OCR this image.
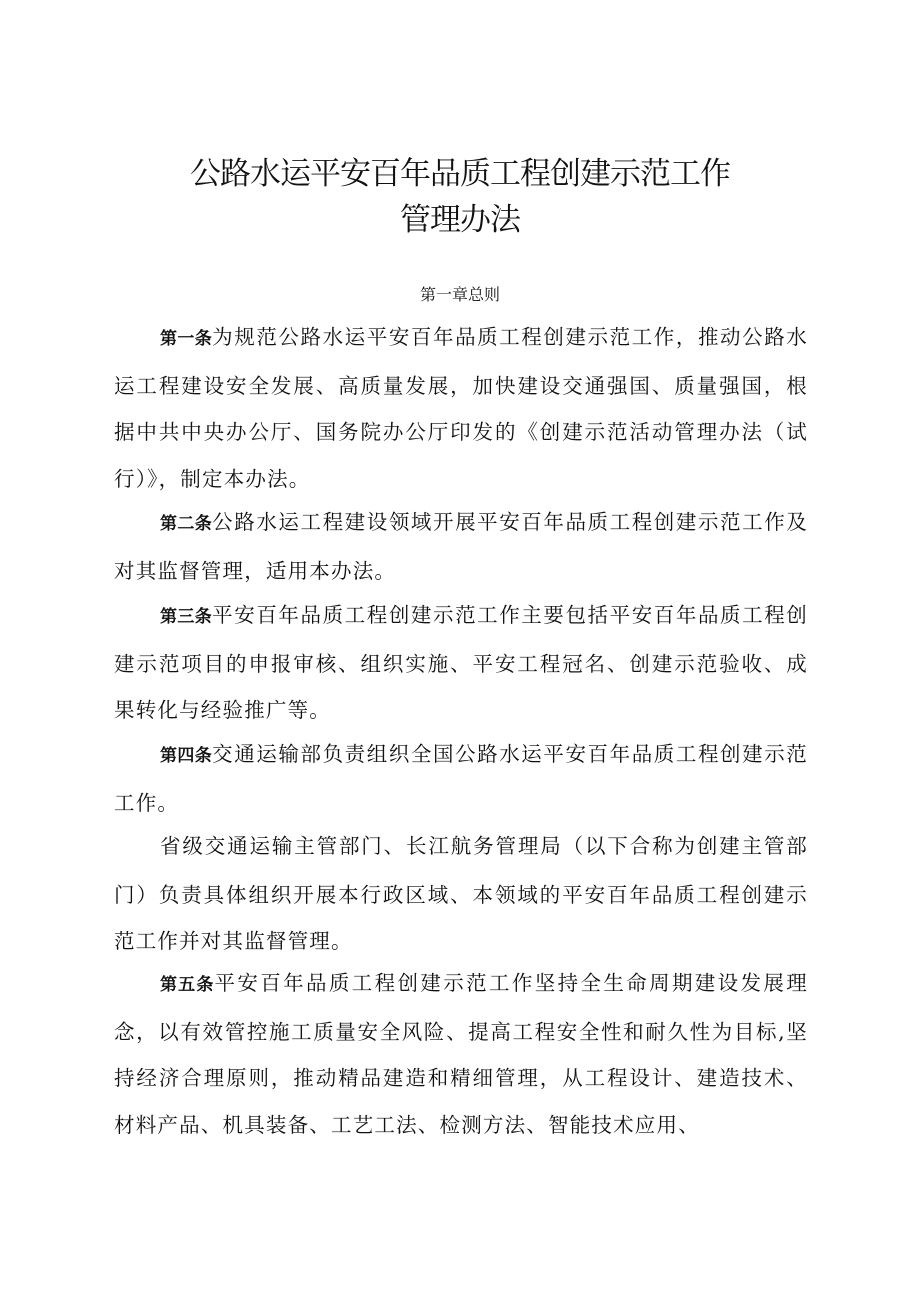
公路水运平安百年品质工程创建示范工作
管理办法
第一章总则

第一条为规范公路水运平安百年品质工程创建示范工作，推动公路水运工程建设安全发展、高质量发展，加快建设交通强国、质量强国，根据中共中央办公厅、国务院办公厅印发的《创建示范活动管理办法（试行）》，制定本办法。

第二条公路水运工程建设领域开展平安百年品质工程创建示范工作及对其监督管理，适用本办法。

第三条平安百年品质工程创建示范工作主要包括平安百年品质工程创建示范项目的申报审核、组织实施、平安工程冠名、创建示范验收、成果转化与经验推广等。

第四条交通运输部负责组织全国公路水运平安百年品质工程创建示范工作。

省级交通运输主管部门、长江航务管理局（以下合称为创建主管部门）负责具体组织开展本行政区域、本领域的平安百年品质工程创建示范工作并对其监督管理。

第五条平安百年品质工程创建示范工作坚持全生命周期建设发展理念，以有效管控施工质量安全风险、提高工程安全性和耐久性为目标,坚持经济合理原则，推动精品建造和精细管理，从工程设计、建造技术、材料产品、机具装备、工艺工法、检测方法、智能技术应用、
